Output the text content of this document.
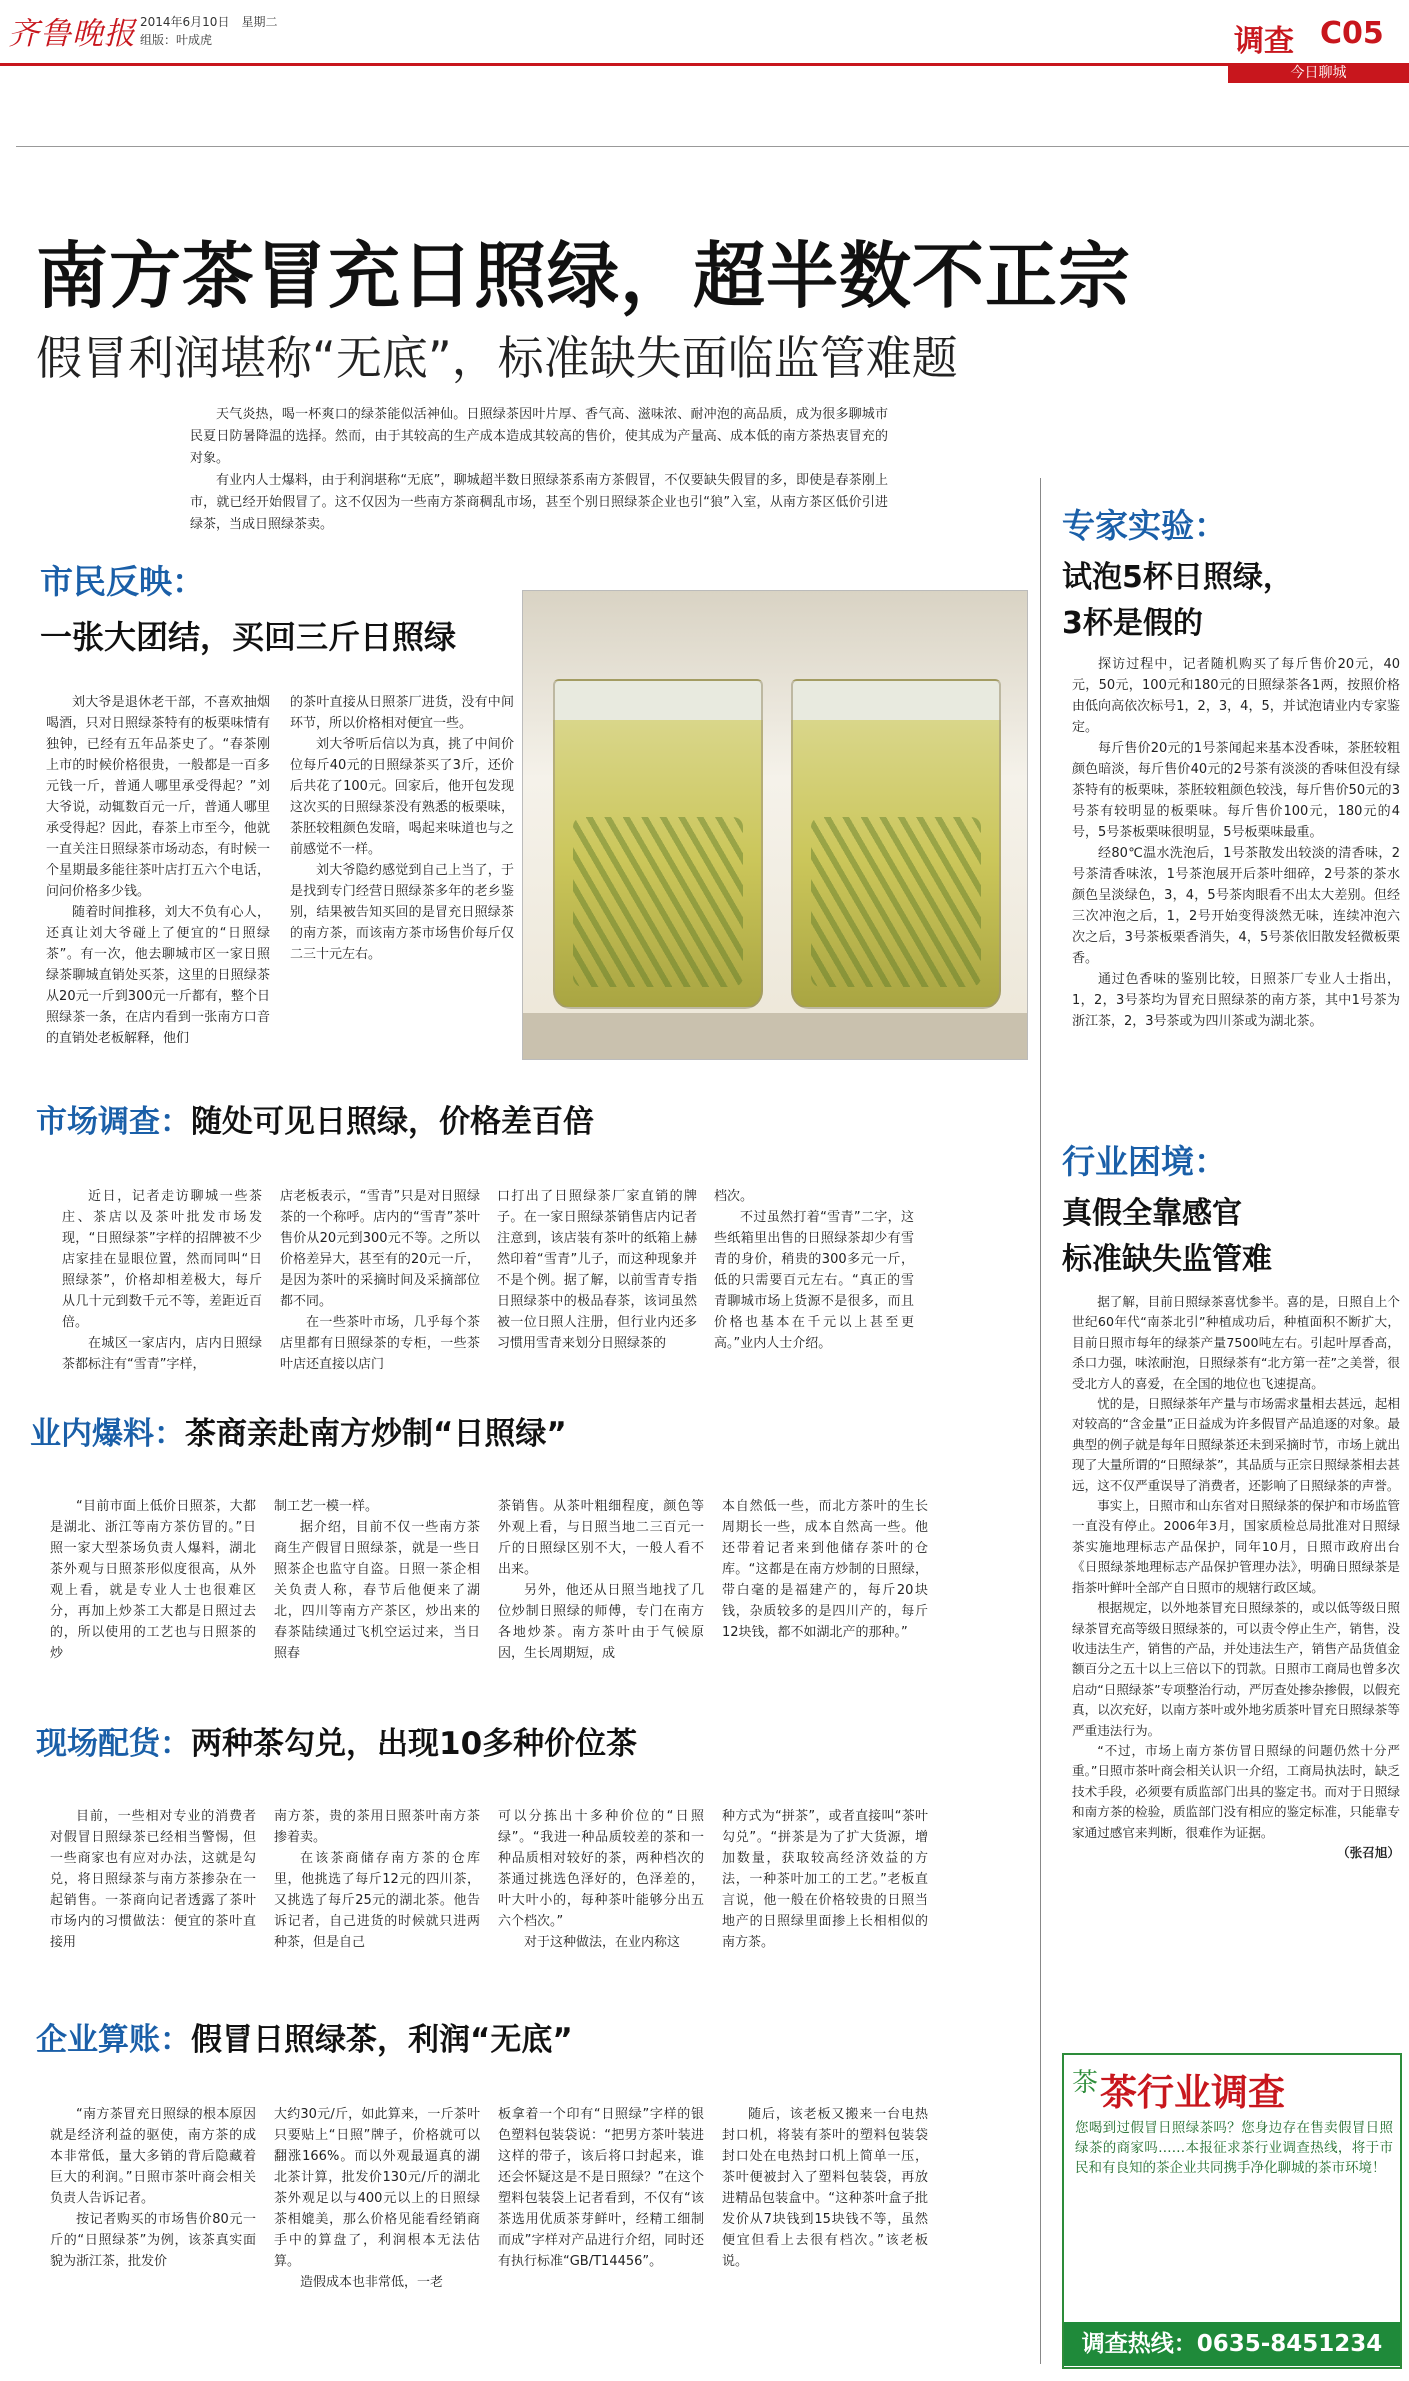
齐鲁晚报 2014年6月10日　星期二
组版：叶成虎	调查 C05
今日聊城
南方茶冒充日照绿，超半数不正宗
假冒利润堪称“无底”，标准缺失面临监管难题

天气炎热，喝一杯爽口的绿茶能似活神仙。日照绿茶因叶片厚、香气高、滋味浓、耐冲泡的高品质，成为很多聊城市民夏日防暑降温的选择。然而，由于其较高的生产成本造成其较高的售价，使其成为产量高、成本低的南方茶热衷冒充的对象。

有业内人士爆料，由于利润堪称“无底”，聊城超半数日照绿茶系南方茶假冒，不仅要缺失假冒的多，即使是春茶刚上市，就已经开始假冒了。这不仅因为一些南方茶商稠乱市场，甚至个别日照绿茶企业也引“狼”入室，从南方茶区低价引进绿茶，当成日照绿茶卖。

市民反映：
一张大团结，买回三斤日照绿

刘大爷是退休老干部，不喜欢抽烟喝酒，只对日照绿茶特有的板栗味情有独钟，已经有五年品茶史了。“春茶刚上市的时候价格很贵，一般都是一百多元钱一斤，普通人哪里承受得起？”刘大爷说，动辄数百元一斤，普通人哪里承受得起？因此，春茶上市至今，他就一直关注日照绿茶市场动态，有时候一个星期最多能往茶叶店打五六个电话，问问价格多少钱。

随着时间推移，刘大不负有心人，还真让刘大爷碰上了便宜的“日照绿茶”。有一次，他去聊城市区一家日照绿茶聊城直销处买茶，这里的日照绿茶从20元一斤到300元一斤都有，整个日照绿茶一条，在店内看到一张南方口音的直销处老板解释，他们

的茶叶直接从日照茶厂进货，没有中间环节，所以价格相对便宜一些。

刘大爷听后信以为真，挑了中间价位每斤40元的日照绿茶买了3斤，还价后共花了100元。回家后，他开包发现这次买的日照绿茶没有熟悉的板栗味，茶胚较粗颜色发暗，喝起来味道也与之前感觉不一样。

刘大爷隐约感觉到自己上当了，于是找到专门经营日照绿茶多年的老乡鉴别，结果被告知买回的是冒充日照绿茶的南方茶，而该南方茶市场售价每斤仅二三十元左右。

市场调查：随处可见日照绿，价格差百倍

近日，记者走访聊城一些茶庄、茶店以及茶叶批发市场发现，“日照绿茶”字样的招牌被不少店家挂在显眼位置，然而同叫“日照绿茶”，价格却相差极大，每斤从几十元到数千元不等，差距近百倍。

在城区一家店内，店内日照绿茶都标注有“雪青”字样，

店老板表示，“雪青”只是对日照绿茶的一个称呼。店内的“雪青”茶叶售价从20元到300元不等。之所以价格差异大，甚至有的20元一斤，是因为茶叶的采摘时间及采摘部位都不同。

在一些茶叶市场，几乎每个茶店里都有日照绿茶的专柜，一些茶叶店还直接以店门

口打出了日照绿茶厂家直销的牌子。在一家日照绿茶销售店内记者注意到，该店装有茶叶的纸箱上赫然印着“雪青”儿子，而这种现象并不是个例。据了解，以前雪青专指日照绿茶中的极品春茶，该词虽然被一位日照人注册，但行业内还多习惯用雪青来划分日照绿茶的

档次。

不过虽然打着“雪青”二字，这些纸箱里出售的日照绿茶却少有雪青的身价，稍贵的300多元一斤，低的只需要百元左右。“真正的雪青聊城市场上货源不是很多，而且价格也基本在千元以上甚至更高。”业内人士介绍。

业内爆料：茶商亲赴南方炒制“日照绿”

“目前市面上低价日照茶，大都是湖北、浙江等南方茶仿冒的。”日照一家大型茶场负责人爆料，湖北茶外观与日照茶形似度很高，从外观上看，就是专业人士也很难区分，再加上炒茶工大都是日照过去的，所以使用的工艺也与日照茶的炒

制工艺一模一样。

据介绍，目前不仅一些南方茶商生产假冒日照绿茶，就是一些日照茶企也监守自盗。日照一茶企相关负责人称，春节后他便来了湖北，四川等南方产茶区，炒出来的春茶陆续通过飞机空运过来，当日照春

茶销售。从茶叶粗细程度，颜色等外观上看，与日照当地二三百元一斤的日照绿区别不大，一般人看不出来。

另外，他还从日照当地找了几位炒制日照绿的师傅，专门在南方各地炒茶。南方茶叶由于气候原因，生长周期短，成

本自然低一些，而北方茶叶的生长周期长一些，成本自然高一些。他还带着记者来到他储存茶叶的仓库。“这都是在南方炒制的日照绿，带白毫的是福建产的，每斤20块钱，杂质较多的是四川产的，每斤12块钱，都不如湖北产的那种。”

现场配货：两种茶勾兑，出现10多种价位茶

目前，一些相对专业的消费者对假冒日照绿茶已经相当警惕，但一些商家也有应对办法，这就是勾兑，将日照绿茶与南方茶掺杂在一起销售。一茶商向记者透露了茶叶市场内的习惯做法：便宜的茶叶直接用

南方茶，贵的茶用日照茶叶南方茶掺着卖。

在该茶商储存南方茶的仓库里，他挑选了每斤12元的四川茶，又挑选了每斤25元的湖北茶。他告诉记者，自己进货的时候就只进两种茶，但是自己

可以分拣出十多种价位的“日照绿”。“我进一种品质较差的茶和一种品质相对较好的茶，两种档次的茶通过挑选色泽好的，色泽差的，叶大叶小的，每种茶叶能够分出五六个档次。”

对于这种做法，在业内称这

种方式为“拼茶”，或者直接叫“茶叶勾兑”。“拼茶是为了扩大货源，增加数量，获取较高经济效益的方法，一种茶叶加工的工艺。”老板直言说，他一般在价格较贵的日照当地产的日照绿里面掺上长相相似的南方茶。

企业算账：假冒日照绿茶，利润“无底”

“南方茶冒充日照绿的根本原因就是经济利益的驱使，南方茶的成本非常低，量大多销的背后隐藏着巨大的利润。”日照市茶叶商会相关负责人告诉记者。

按记者购买的市场售价80元一斤的“日照绿茶”为例，该茶真实面貌为浙江茶，批发价

大约30元/斤，如此算来，一斤茶叶只要贴上“日照”牌子，价格就可以翻涨166%。而以外观最逼真的湖北茶计算，批发价130元/斤的湖北茶外观足以与400元以上的日照绿茶相媲美，那么价格见能看经销商手中的算盘了，利润根本无法估算。

造假成本也非常低，一老

板拿着一个印有“日照绿”字样的银色塑料包装袋说：“把男方茶叶装进这样的带子，该后将口封起来，谁还会怀疑这是不是日照绿？”在这个塑料包装袋上记者看到，不仅有“该茶选用优质茶芽鲜叶，经精工细制而成”字样对产品进行介绍，同时还有执行标准“GB/T14456”。

随后，该老板又搬来一台电热封口机，将装有茶叶的塑料包装袋封口处在电热封口机上简单一压，茶叶便被封入了塑料包装袋，再放进精品包装盒中。“这种茶叶盒子批发价从7块钱到15块钱不等，虽然便宜但看上去很有档次。”该老板说。

专家实验：
试泡5杯日照绿，
3杯是假的

探访过程中，记者随机购买了每斤售价20元，40元，50元，100元和180元的日照绿茶各1两，按照价格由低向高依次标号1，2，3，4，5，并试泡请业内专家鉴定。

每斤售价20元的1号茶闻起来基本没香味，茶胚较粗颜色暗淡，每斤售价40元的2号茶有淡淡的香味但没有绿茶特有的板栗味，茶胚较粗颜色较浅，每斤售价50元的3号茶有较明显的板栗味。每斤售价100元，180元的4号，5号茶板栗味很明显，5号板栗味最重。

经80℃温水洗泡后，1号茶散发出较淡的清香味，2号茶清香味浓，1号茶泡展开后茶叶细碎，2号茶的茶水颜色呈淡绿色，3，4，5号茶肉眼看不出太大差别。但经三次冲泡之后，1，2号开始变得淡然无味，连续冲泡六次之后，3号茶板栗香消失，4，5号茶依旧散发轻微板栗香。

通过色香味的鉴别比较，日照茶厂专业人士指出，1，2，3号茶均为冒充日照绿茶的南方茶，其中1号茶为浙江茶，2，3号茶或为四川茶或为湖北茶。

行业困境：
真假全靠感官
标准缺失监管难

据了解，目前日照绿茶喜忧参半。喜的是，日照自上个世纪60年代“南茶北引”种植成功后，种植面积不断扩大，目前日照市每年的绿茶产量7500吨左右。引起叶厚香高，杀口力强，味浓耐泡，日照绿茶有“北方第一茬”之美誉，很受北方人的喜爱，在全国的地位也飞速提高。

忧的是，日照绿茶年产量与市场需求量相去甚远，起相对较高的“含金量”正日益成为许多假冒产品追逐的对象。最典型的例子就是每年日照绿茶还未到采摘时节，市场上就出现了大量所谓的“日照绿茶”，其品质与正宗日照绿茶相去甚远，这不仅严重误导了消费者，还影响了日照绿茶的声誉。

事实上，日照市和山东省对日照绿茶的保护和市场监管一直没有停止。2006年3月，国家质检总局批准对日照绿茶实施地理标志产品保护，同年10月，日照市政府出台《日照绿茶地理标志产品保护管理办法》，明确日照绿茶是指茶叶鲜叶全部产自日照市的规辖行政区域。

根据规定，以外地茶冒充日照绿茶的，或以低等级日照绿茶冒充高等级日照绿茶的，可以责令停止生产，销售，没收违法生产，销售的产品，并处违法生产，销售产品货值金额百分之五十以上三倍以下的罚款。日照市工商局也曾多次启动“日照绿茶”专项整治行动，严厉查处掺杂掺假，以假充真，以次充好，以南方茶叶或外地劣质茶叶冒充日照绿茶等严重违法行为。

“不过，市场上南方茶仿冒日照绿的问题仍然十分严重。”日照市茶叶商会相关认识一介绍，工商局执法时，缺乏技术手段，必须要有质监部门出具的鉴定书。而对于日照绿和南方茶的检验，质监部门没有相应的鉴定标准，只能靠专家通过感官来判断，很难作为证据。

（张召旭）

茶 茶行业调查
您喝到过假冒日照绿茶吗？您身边存在售卖假冒日照绿茶的商家吗……本报征求茶行业调查热线，将于市民和有良知的茶企业共同携手净化聊城的茶市环境！
调查热线：0635-8451234
